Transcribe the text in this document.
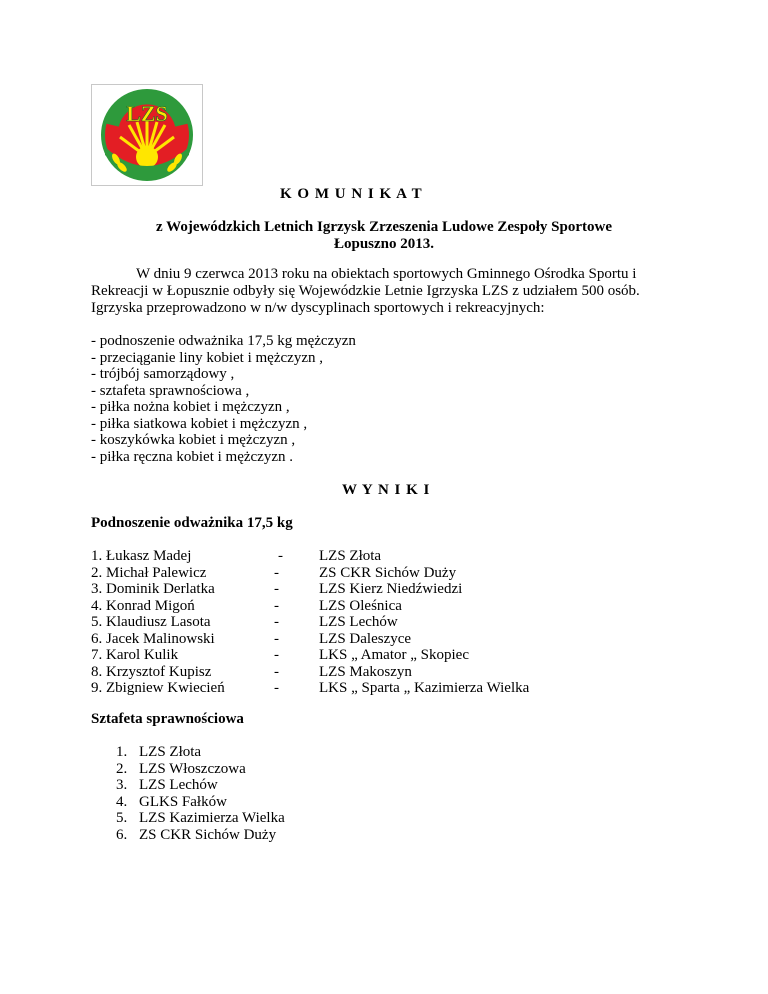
LZS
K O M U N I K A T
z Wojewódzkich Letnich Igrzysk Zrzeszenia Ludowe Zespoły Sportowe
Łopuszno 2013.
W dniu 9 czerwca 2013 roku na obiektach sportowych Gminnego Ośrodka Sportu i
Rekreacji w Łopusznie odbyły się Wojewódzkie Letnie Igrzyska LZS z udziałem 500 osób.
Igrzyska przeprowadzono w n/w dyscyplinach sportowych i rekreacyjnych:
- podnoszenie odważnika 17,5 kg mężczyzn
- przeciąganie liny kobiet i mężczyzn ,
- trójbój samorządowy ,
- sztafeta sprawnościowa ,
- piłka nożna kobiet i mężczyzn ,
- piłka siatkowa kobiet i mężczyzn ,
- koszykówka kobiet i mężczyzn ,
- piłka ręczna kobiet i mężczyzn .
W Y N I K I
Podnoszenie odważnika 17,5 kg
1. Łukasz Madej	- LZS Złota
2. Michał Palewicz	-	ZS CKR Sichów Duży
3. Dominik Derlatka	-	LZS Kierz Niedźwiedzi
4. Konrad Migoń	-	LZS Oleśnica
5. Klaudiusz Lasota	-	LZS Lechów
6. Jacek Malinowski	-	LZS Daleszyce
7. Karol Kulik	-	LKS „ Amator „ Skopiec
8. Krzysztof Kupisz	-	LZS Makoszyn
9. Zbigniew Kwiecień	-	LKS „ Sparta „ Kazimierza Wielka
Sztafeta sprawnościowa
1. LZS Złota
2. LZS Włoszczowa
3. LZS Lechów
4. GLKS Fałków
5. LZS Kazimierza Wielka
6. ZS CKR Sichów Duży
